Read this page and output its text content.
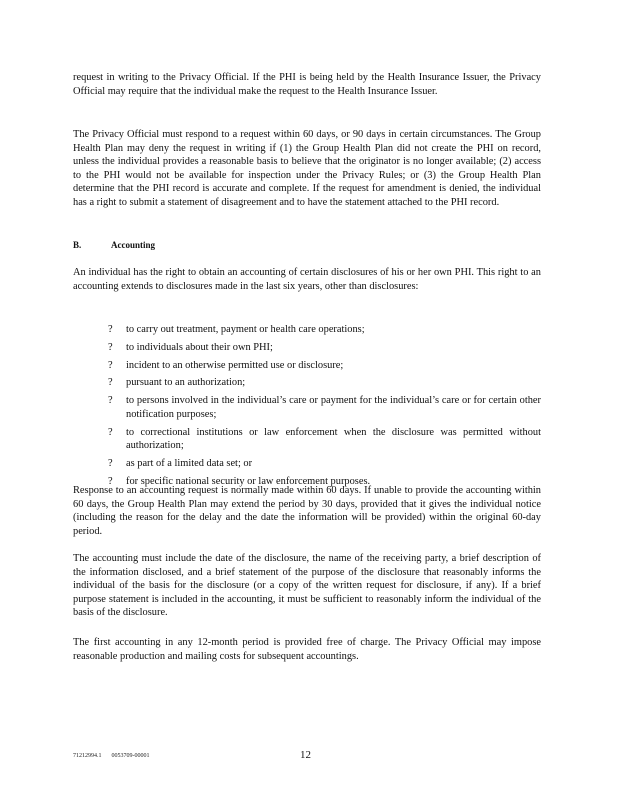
request in writing to the Privacy Official. If the PHI is being held by the Health Insurance Issuer, the Privacy Official may require that the individual make the request to the Health Insurance Issuer.

The Privacy Official must respond to a request within 60 days, or 90 days in certain circumstances. The Group Health Plan may deny the request in writing if (1) the Group Health Plan did not create the PHI on record, unless the individual provides a reasonable basis to believe that the originator is no longer available; (2) access to the PHI would not be available for inspection under the Privacy Rules; or (3) the Group Health Plan determine that the PHI record is accurate and complete. If the request for amendment is denied, the individual has a right to submit a statement of disagreement and to have the statement attached to the PHI record.

B.	Accounting

An individual has the right to obtain an accounting of certain disclosures of his or her own PHI. This right to an accounting extends to disclosures made in the last six years, other than disclosures:

? to carry out treatment, payment or health care operations;
? to individuals about their own PHI;
? incident to an otherwise permitted use or disclosure;
? pursuant to an authorization;
? to persons involved in the individual’s care or payment for the individual’s care or for certain other notification purposes;
? to correctional institutions or law enforcement when the disclosure was permitted without authorization;
? as part of a limited data set; or
? for specific national security or law enforcement purposes.

Response to an accounting request is normally made within 60 days. If unable to provide the accounting within 60 days, the Group Health Plan may extend the period by 30 days, provided that it gives the individual notice (including the reason for the delay and the date the information will be provided) within the original 60-day period.

The accounting must include the date of the disclosure, the name of the receiving party, a brief description of the information disclosed, and a brief statement of the purpose of the disclosure that reasonably informs the individual of the basis for the disclosure (or a copy of the written request for disclosure, if any). If a brief purpose statement is included in the accounting, it must be sufficient to reasonably inform the individual of the basis of the disclosure.

The first accounting in any 12-month period is provided free of charge. The Privacy Official may impose reasonable production and mailing costs for subsequent accountings.

71212994.1 0053709-00001	12
